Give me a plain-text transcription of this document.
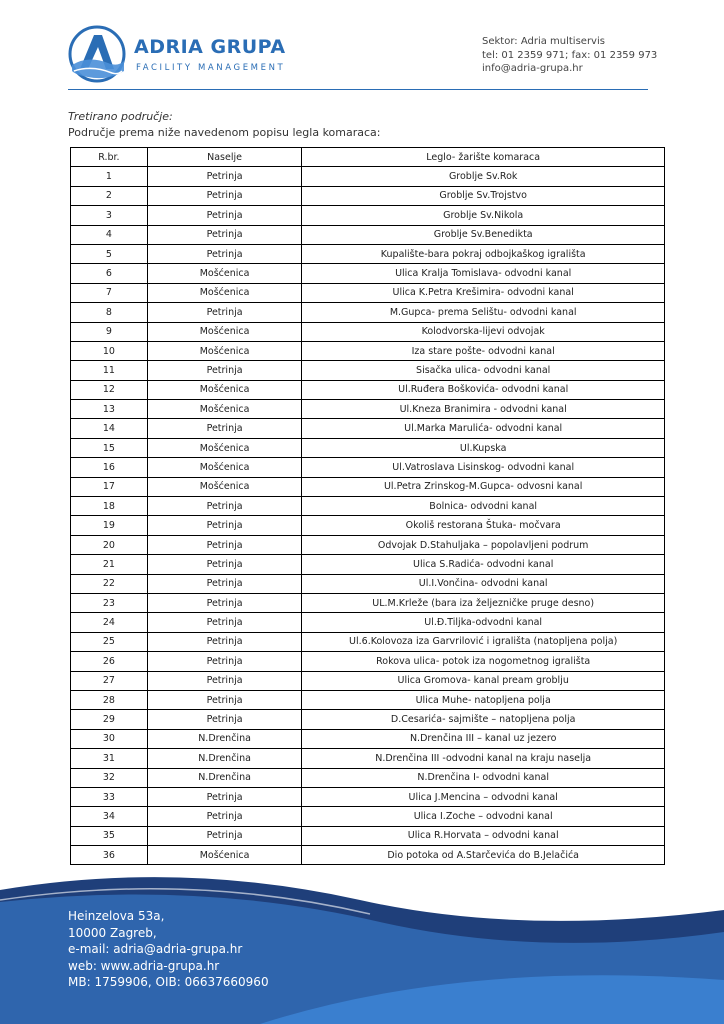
ADRIA GRUPA
FACILITY MANAGEMENT
Sektor: Adria multiservis
tel: 01 2359 971; fax: 01 2359 973
info@adria-grupa.hr
Tretirano područje:
Područje prema niže navedenom popisu legla komaraca:
R.br.	Naselje	Leglo- žarište komaraca
1	Petrinja	Groblje Sv.Rok
2	Petrinja	Groblje Sv.Trojstvo
3	Petrinja	Groblje Sv.Nikola
4	Petrinja	Groblje Sv.Benedikta
5	Petrinja	Kupalište-bara pokraj odbojkaškog igrališta
6	Mošćenica	Ulica Kralja Tomislava- odvodni kanal
7	Mošćenica	Ulica K.Petra Krešimira- odvodni kanal
8	Petrinja	M.Gupca- prema Selištu- odvodni kanal
9	Mošćenica	Kolodvorska-lijevi odvojak
10	Mošćenica	Iza stare pošte- odvodni kanal
11	Petrinja	Sisačka ulica- odvodni kanal
12	Mošćenica	Ul.Ruđera Boškovića- odvodni kanal
13	Mošćenica	Ul.Kneza Branimira - odvodni kanal
14	Petrinja	Ul.Marka Marulića- odvodni kanal
15	Mošćenica	Ul.Kupska
16	Mošćenica	Ul.Vatroslava Lisinskog- odvodni kanal
17	Mošćenica	Ul.Petra Zrinskog-M.Gupca- odvosni kanal
18	Petrinja	Bolnica- odvodni kanal
19	Petrinja	Okoliš restorana Štuka- močvara
20	Petrinja	Odvojak D.Stahuljaka – popolavljeni podrum
21	Petrinja	Ulica S.Radića- odvodni kanal
22	Petrinja	Ul.I.Vončina- odvodni kanal
23	Petrinja	UL.M.Krleže (bara iza željezničke pruge desno)
24	Petrinja	Ul.Đ.Tiljka-odvodni kanal
25	Petrinja	Ul.6.Kolovoza iza Garvrilović i igrališta (natopljena polja)
26	Petrinja	Rokova ulica- potok iza nogometnog igrališta
27	Petrinja	Ulica Gromova- kanal pream groblju
28	Petrinja	Ulica Muhe- natopljena polja
29	Petrinja	D.Cesarića- sajmište – natopljena polja
30	N.Drenčina	N.Drenčina III – kanal uz jezero
31	N.Drenčina	N.Drenčina III -odvodni kanal na kraju naselja
32	N.Drenčina	N.Drenčina I- odvodni kanal
33	Petrinja	Ulica J.Mencina – odvodni kanal
34	Petrinja	Ulica I.Zoche – odvodni kanal
35	Petrinja	Ulica R.Horvata – odvodni kanal
36	Mošćenica	Dio potoka od A.Starčevića do B.Jelačića
Heinzelova 53a,
10000 Zagreb,
e-mail: adria@adria-grupa.hr
web: www.adria-grupa.hr
MB: 1759906, OIB: 06637660960
